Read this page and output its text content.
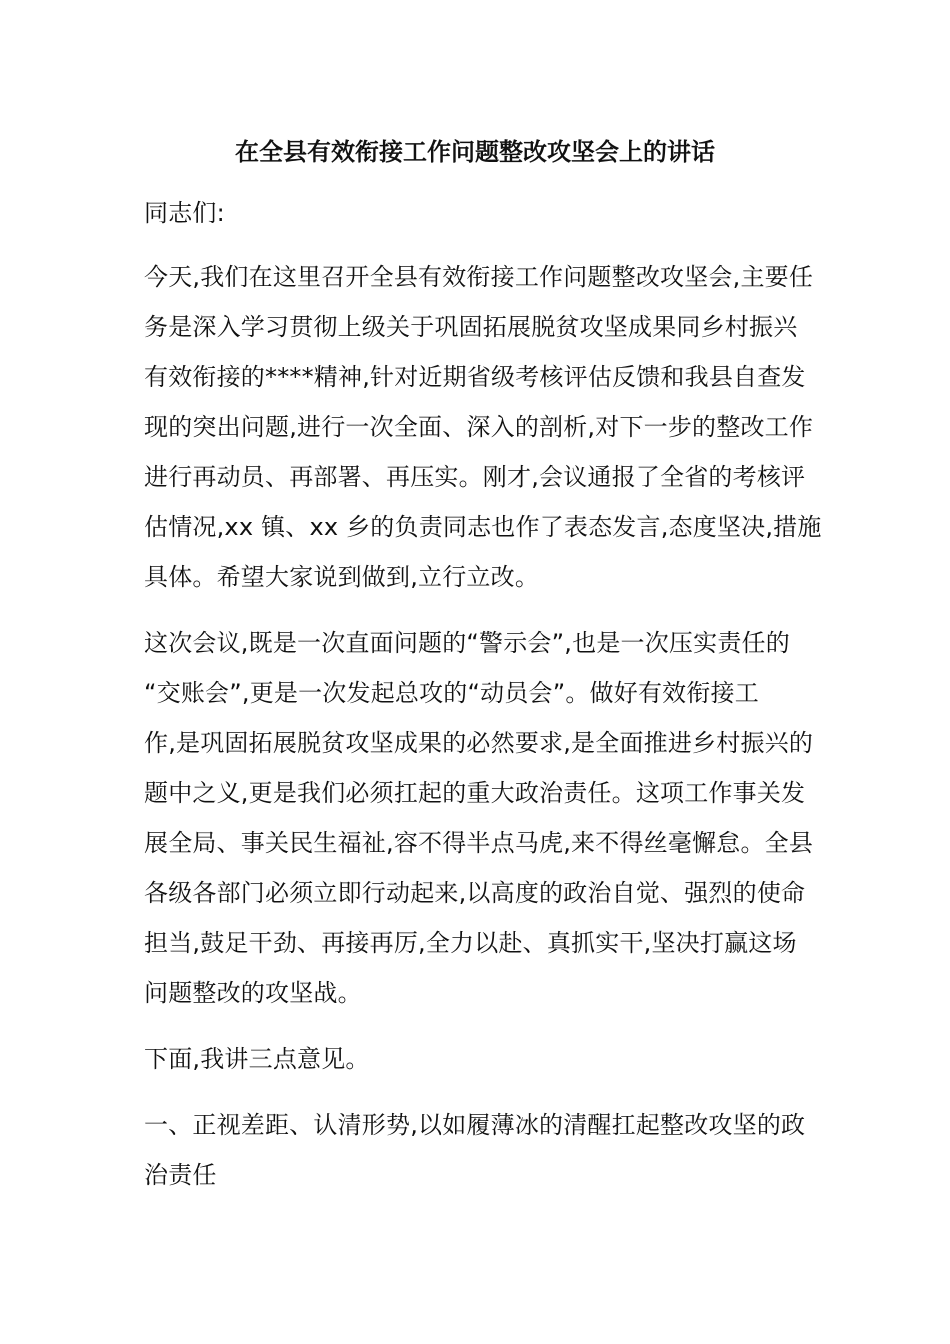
在全县有效衔接工作问题整改攻坚会上的讲话

同志们:

今天,我们在这里召开全县有效衔接工作问题整改攻坚会,主要任
务是深入学习贯彻上级关于巩固拓展脱贫攻坚成果同乡村振兴
有效衔接的****精神,针对近期省级考核评估反馈和我县自查发
现的突出问题,进行一次全面、深入的剖析,对下一步的整改工作
进行再动员、再部署、再压实。刚才,会议通报了全省的考核评
估情况,xx 镇、xx 乡的负责同志也作了表态发言,态度坚决,措施
具体。希望大家说到做到,立行立改。

这次会议,既是一次直面问题的“警示会”,也是一次压实责任的
“交账会”,更是一次发起总攻的“动员会”。做好有效衔接工
作,是巩固拓展脱贫攻坚成果的必然要求,是全面推进乡村振兴的
题中之义,更是我们必须扛起的重大政治责任。这项工作事关发
展全局、事关民生福祉,容不得半点马虎,来不得丝毫懈怠。全县
各级各部门必须立即行动起来,以高度的政治自觉、强烈的使命
担当,鼓足干劲、再接再厉,全力以赴、真抓实干,坚决打赢这场
问题整改的攻坚战。

下面,我讲三点意见。

一、正视差距、认清形势,以如履薄冰的清醒扛起整改攻坚的政
治责任
